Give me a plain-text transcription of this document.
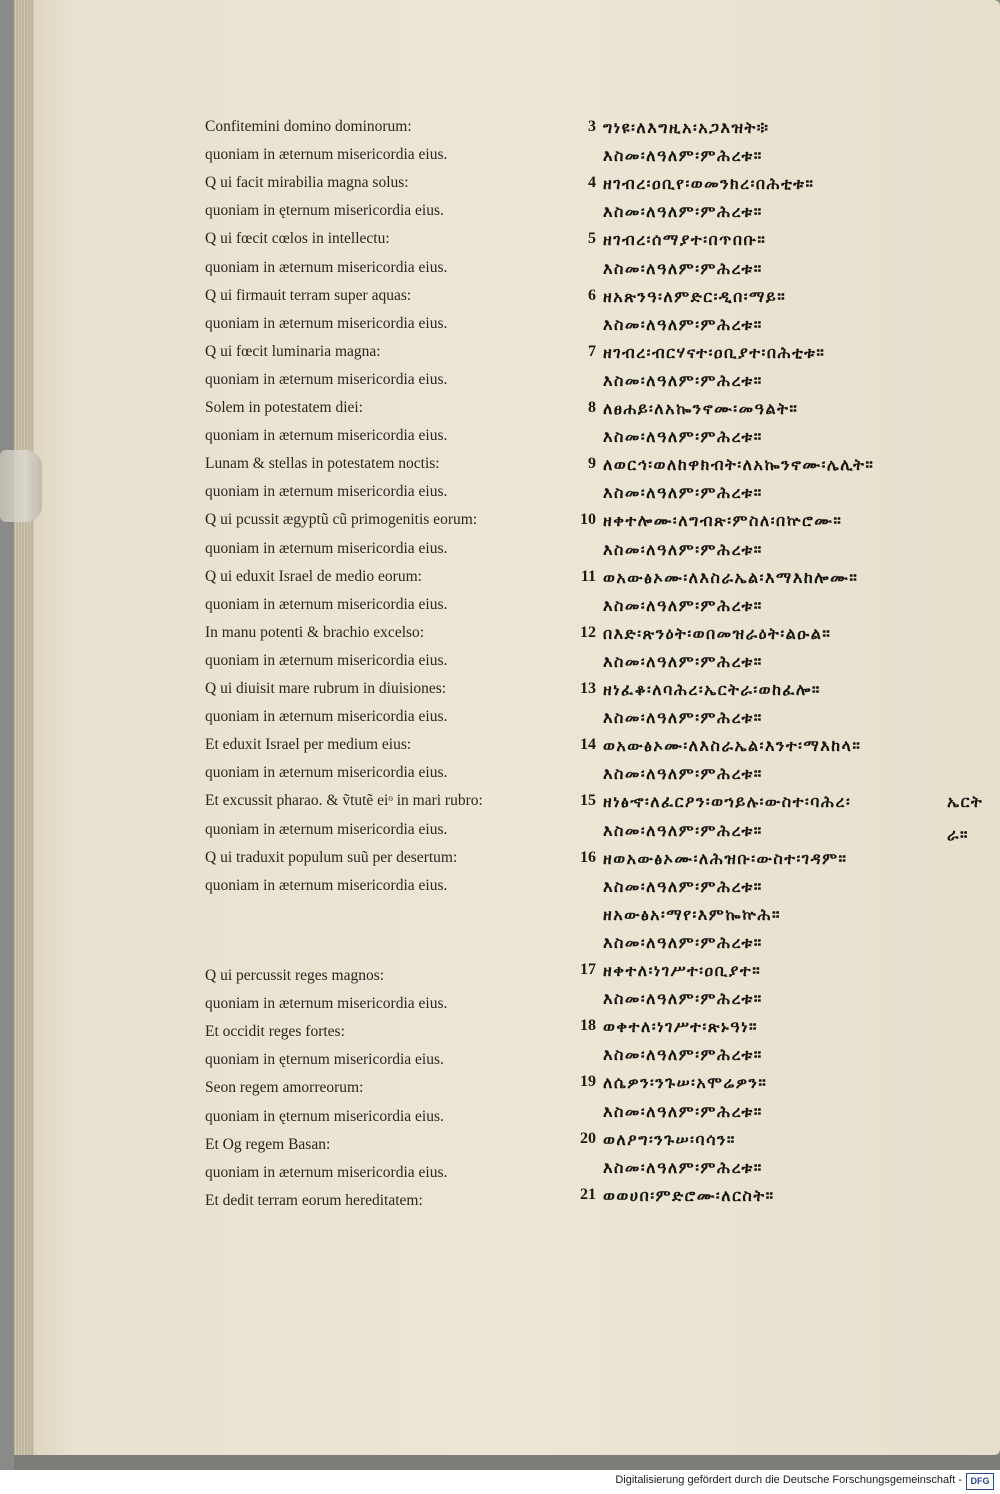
Confitemini domino dominorum:
quoniam in æternum misericordia eius.
Q ui facit mirabilia magna solus:
quoniam in ęternum misericordia eius.
Q ui fœcit cœlos in intellectu:
quoniam in æternum misericordia eius.
Q ui firmauit terram super aquas:
quoniam in æternum misericordia eius.
Q ui fœcit luminaria magna:
quoniam in æternum misericordia eius.
Solem in potestatem diei:
quoniam in æternum misericordia eius.
Lunam & stellas in potestatem noctis:
quoniam in æternum misericordia eius.
Q ui pcussit ægyptũ cũ primogenitis eorum:
quoniam in æternum misericordia eius.
Q ui eduxit Israel de medio eorum:
quoniam in æternum misericordia eius.
In manu potenti & brachio excelso:
quoniam in æternum misericordia eius.
Q ui diuisit mare rubrum in diuisiones:
quoniam in æternum misericordia eius.
Et eduxit Israel per medium eius:
quoniam in æternum misericordia eius.
Et excussit pharao. & ṽtutẽ eiᵒ in mari rubro:
quoniam in æternum misericordia eius.
Q ui traduxit populum suũ per desertum:
quoniam in æternum misericordia eius.
Q ui percussit reges magnos:
quoniam in æternum misericordia eius.
Et occidit reges fortes:
quoniam in ęternum misericordia eius.
Seon regem amorreorum:
quoniam in ęternum misericordia eius.
Et Og regem Basan:
quoniam in æternum misericordia eius.
Et dedit terram eorum hereditatem:
3
4
5
6
7
8
9
10
11
12
13
14
15
16
17
18
19
20
21
ግነዩ፡ለእግዚአ፡አጋእዝት፨
እስመ፡ለዓለም፡ምሕረቱ።
ዘገብረ፡ዐቢየ፡ወመንክረ፡በሕቲቱ።
እስመ፡ለዓለም፡ምሕረቱ።
ዘገብረ፡ሰማያተ፡በጥበቡ።
እስመ፡ለዓለም፡ምሕረቱ።
ዘአጽንዓ፡ለምድር፡ዲበ፡ማይ።
እስመ፡ለዓለም፡ምሕረቱ።
ዘገብረ፡ብርሃናተ፡ዐቢያተ፡በሕቲቱ።
እስመ፡ለዓለም፡ምሕረቱ።
ለፀሐይ፡ለአኰንኖሙ፡መዓልት።
እስመ፡ለዓለም፡ምሕረቱ።
ለወርኅ፡ወለከዋክብት፡ለአኰንኖሙ፡ሌሊት።
እስመ፡ለዓለም፡ምሕረቱ።
ዘቀተሎሙ፡ለግብጽ፡ምስለ፡በኵሮሙ።
እስመ፡ለዓለም፡ምሕረቱ።
ወአውፅኦሙ፡ለእስራኤል፡እማእከሎሙ።
እስመ፡ለዓለም፡ምሕረቱ።
በእድ፡ጽንዕት፡ወበመዝራዕት፡ልዑል።
እስመ፡ለዓለም፡ምሕረቱ።
ዘነፈቆ፡ለባሕረ፡ኤርትራ፡ወከፈሎ።
እስመ፡ለዓለም፡ምሕረቱ።
ወአውፅኦሙ፡ለእስራኤል፡እንተ፡ማእከላ።
እስመ፡ለዓለም፡ምሕረቱ።
ዘነፅኆ፡ለፈርዖን፡ወኀይሉ፡ውስተ፡ባሕረ፡
እስመ፡ለዓለም፡ምሕረቱ።
ዘወአውፅኦሙ፡ለሕዝቡ፡ውስተ፡ገዳም።
እስመ፡ለዓለም፡ምሕረቱ።
ዘአውፅአ፡ማየ፡እምኰኵሕ።
እስመ፡ለዓለም፡ምሕረቱ።
ዘቀተለ፡ነገሥተ፡ዐቢያተ።
እስመ፡ለዓለም፡ምሕረቱ።
ወቀተለ፡ነገሥተ፡ጽኑዓነ።
እስመ፡ለዓለም፡ምሕረቱ።
ለሴዎን፡ንጉሠ፡አሞሬዎን።
እስመ፡ለዓለም፡ምሕረቱ።
ወለዖግ፡ንጉሠ፡ባሳን።
እስመ፡ለዓለም፡ምሕረቱ።
ወወሀበ፡ምድሮሙ፡ለርስት።
ኤርት
ራ።
Digitalisierung gefördert durch die Deutsche Forschungsgemeinschaft - DFG
